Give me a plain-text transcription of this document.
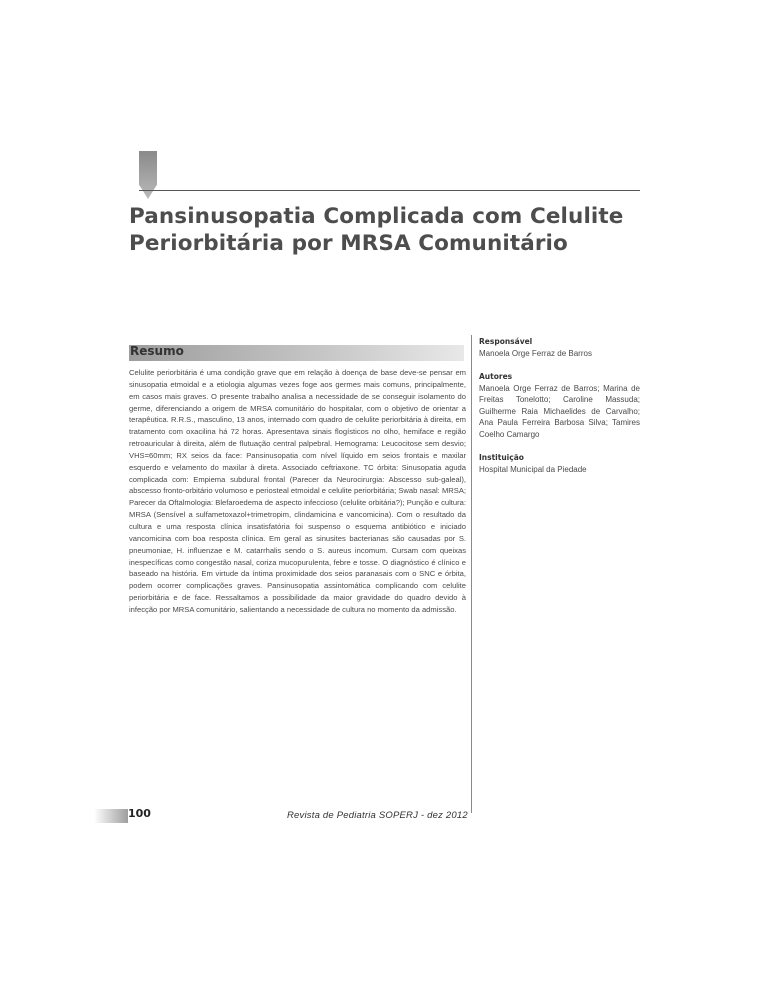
Pansinusopatia Complicada com Celulite
Periorbitária por MRSA Comunitário
Resumo

Celulite periorbitária é uma condição grave que em relação à doença de base deve-se pensar em sinusopatia etmoidal e a etiologia algumas vezes foge aos germes mais comuns, principalmente, em casos mais graves. O presente trabalho analisa a necessidade de se conseguir isolamento do germe, diferenciando a origem de MRSA comunitário do hospitalar, com o objetivo de orientar a terapêutica. R.R.S., masculino, 13 anos, internado com quadro de celulite periorbitária à direita, em tratamento com oxacilina há 72 horas. Apresentava sinais flogísticos no olho, hemiface e região retroauricular à direita, além de flutuação central palpebral. Hemograma: Leucocitose sem desvio; VHS=60mm; RX seios da face: Pansinusopatia com nível líquido em seios frontais e maxilar esquerdo e velamento do maxilar à direta. Associado ceftriaxone. TC órbita: Sinusopatia aguda complicada com: Empiema subdural frontal (Parecer da Neurocirurgia: Abscesso sub-galeal), abscesso fronto-orbitário volumoso e periosteal etmoidal e celulite periorbitária; Swab nasal: MRSA; Parecer da Oftalmologia: Blefaroedema de aspecto infeccioso (celulite orbitária?); Punção e cultura: MRSA (Sensível a sulfametoxazol+trimetropim, clindamicina e vancomicina). Com o resultado da cultura e uma resposta clínica insatisfatória foi suspenso o esquema antibiótico e iniciado vancomicina com boa resposta clínica. Em geral as sinusites bacterianas são causadas por S. pneumoniae, H. influenzae e M. catarrhalis sendo o S. aureus incomum. Cursam com queixas inespecíficas como congestão nasal, coriza mucopurulenta, febre e tosse. O diagnóstico é clínico e baseado na história. Em virtude da íntima proximidade dos seios paranasais com o SNC e órbita, podem ocorrer complicações graves. Pansinusopatia assintomática complicando com celulite periorbitária e de face. Ressaltamos a possibilidade da maior gravidade do quadro devido à infecção por MRSA comunitário, salientando a necessidade de cultura no momento da admissão.

Responsável
Manoela Orge Ferraz de Barros
Autores
Manoela Orge Ferraz de Barros; Marina de Freitas Tonelotto; Caroline Massuda; Guilherme Raia Michaelides de Carvalho; Ana Paula Ferreira Barbosa Silva; Tamires Coelho Camargo
Instituição
Hospital Municipal da Piedade
100	Revista de Pediatria SOPERJ - dez 2012
